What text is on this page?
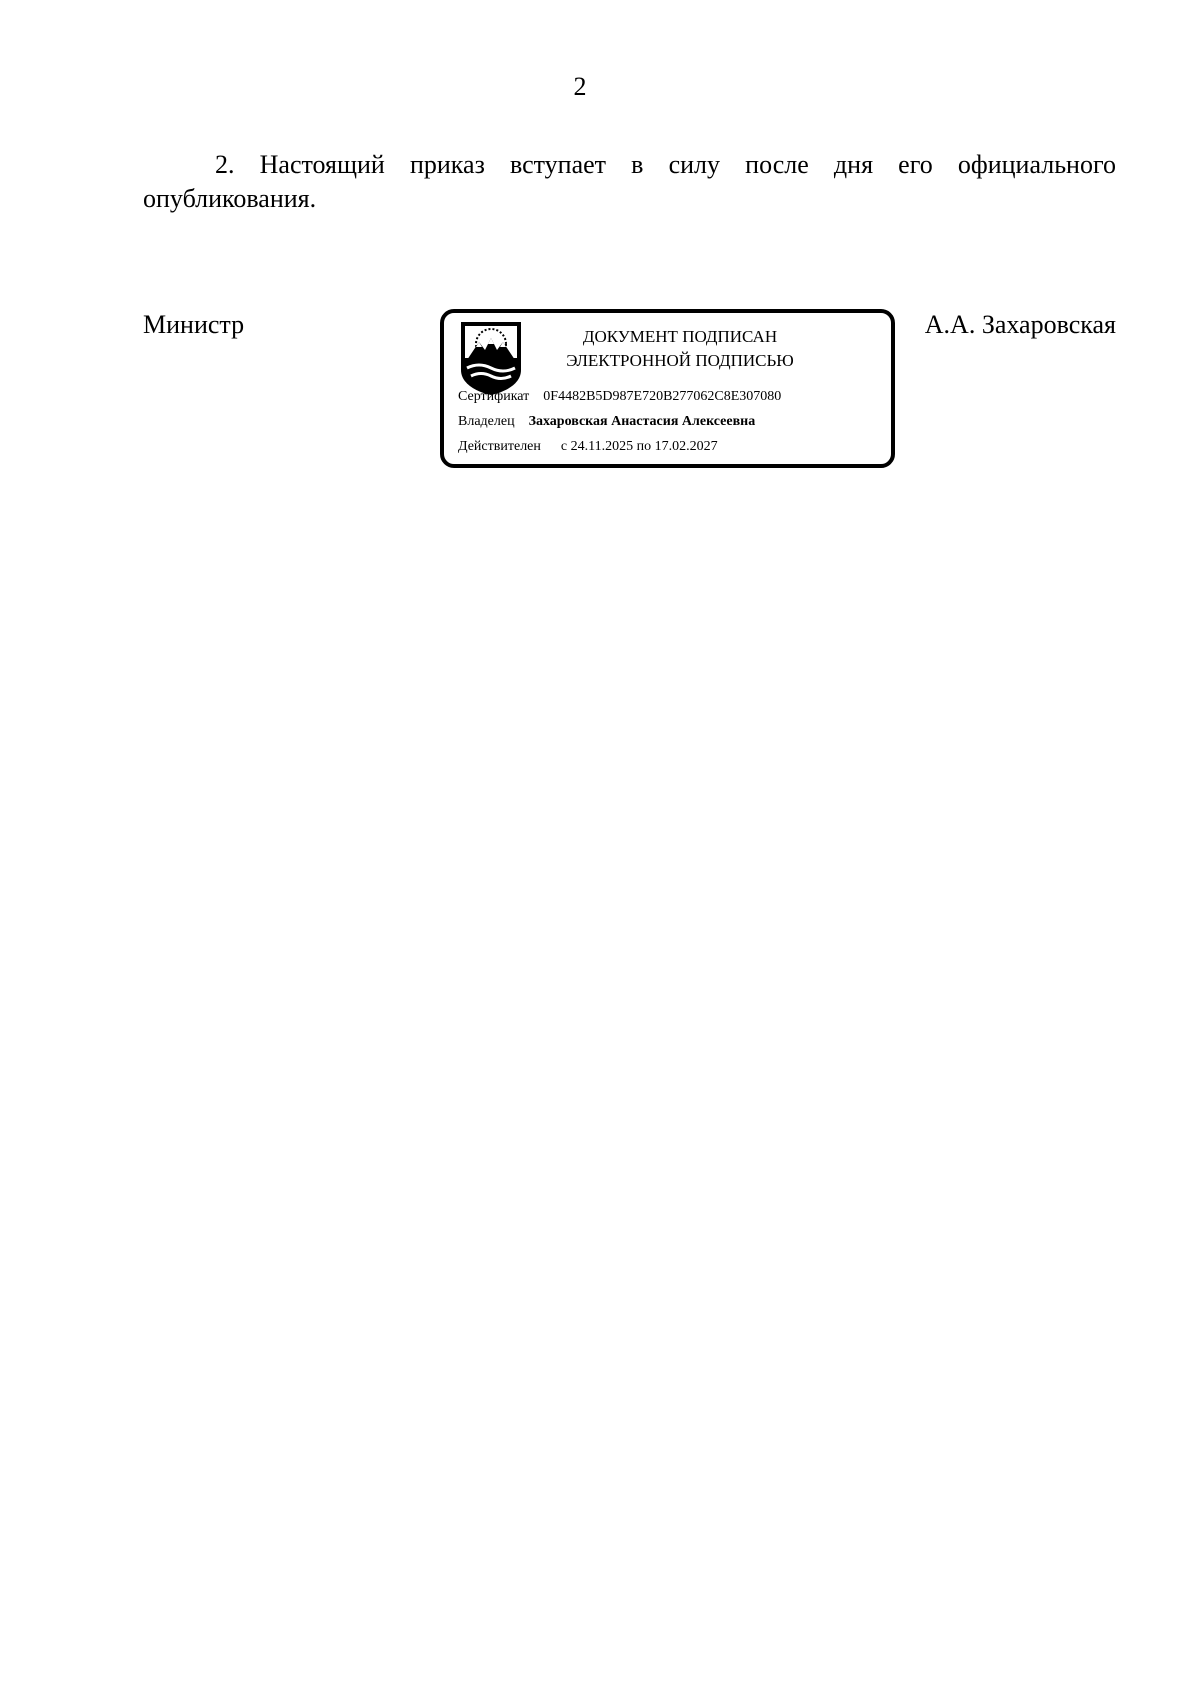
2

2. Настоящий приказ вступает в силу после дня его официального опубликования.

Министр	ДОКУМЕНТ ПОДПИСАН
ЭЛЕКТРОННОЙ ПОДПИСЬЮ
Сертификат 0F4482B5D987E720B277062C8E307080
Владелец Захаровская Анастасия Алексеевна
Действителен с 24.11.2025 по 17.02.2027
А.А. Захаровская
